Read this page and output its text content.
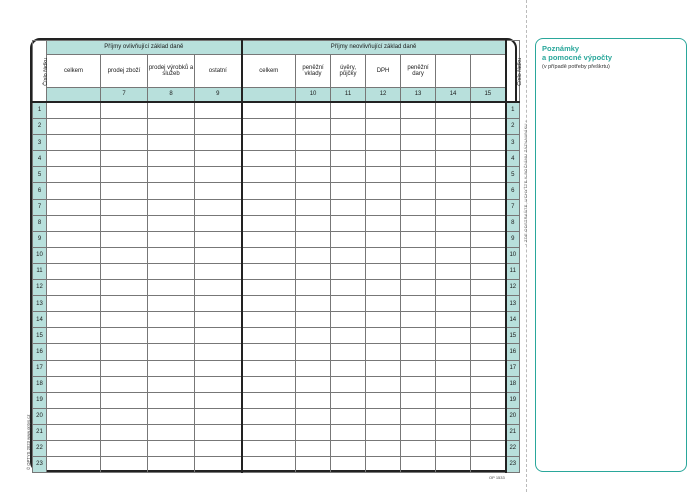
Číslo řádku	Příjmy ovlivňující základ daně				Příjmy neovlivňující základ daně							Číslo řádku
	celkem	prodej zboží	prodej výrobků a služeb	ostatní	celkem	peněžní vklady	úvěry, půjčky	DPH	peněžní dary			
		7	8	9		10	11	12	13	14	15	
1												1
2												2
3												3
4												4
5												5
6												6
7												7
8												8
9												9
10												10
11												11
12												12
13												13
14												14
15												15
16												16
17												17
18												18
19												19
20												20
21												21
22												22
23												23
‹ ZDE ODSTRAŇTE, UCHYŤTE K BOČNÍMU ZÁZNAMNÍKU ›
© OPTYS 2023 www.optys.cz
OP 1533
Poznámky
a pomocné výpočty
(v případě potřeby přeškrtu)
